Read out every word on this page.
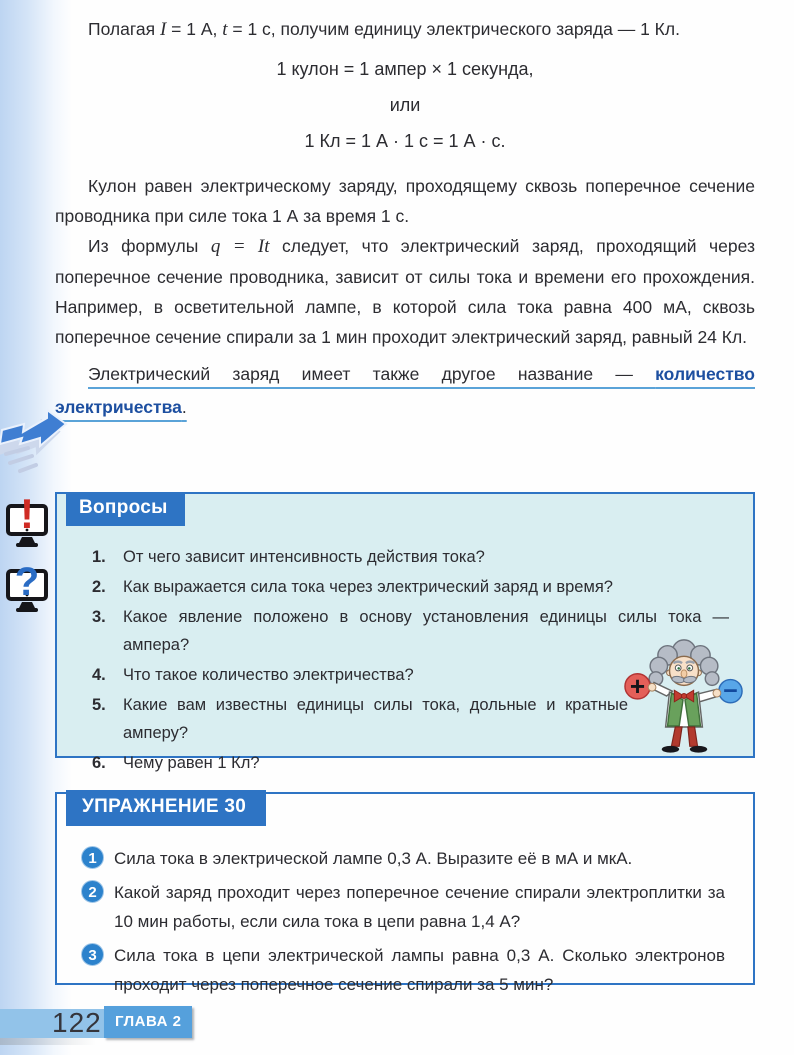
Полагая I = 1 А, t = 1 с, получим единицу электрического заряда — 1 Кл.

1 кулон = 1 ампер × 1 секунда,
или
1 Кл = 1 А · 1 с = 1 А · с.

Кулон равен электрическому заряду, проходящему сквозь поперечное сечение проводника при силе тока 1 А за время 1 с.

Из формулы q = It следует, что электрический заряд, проходящий через поперечное сечение проводника, зависит от силы тока и времени его прохождения. Например, в осветительной лампе, в которой сила тока равна 400 мА, сквозь поперечное сечение спирали за 1 мин проходит электрический заряд, равный 24 Кл.

Электрический заряд имеет также другое название — количество электричества.

!
?
Вопросы
1.	От чего зависит интенсивность действия тока?
2.	Как выражается сила тока через электрический заряд и время?
3.	Какое явление положено в основу установления единицы силы тока — ампера?
4.	Что такое количество электричества?
5.	Какие вам известны единицы силы тока, дольные и кратные амперу?
6.	Чему равен 1 Кл?
+	−
УПРАЖНЕНИЕ 30
1	Сила тока в электрической лампе 0,3 А. Выразите её в мА и мкА.
2	Какой заряд проходит через поперечное сечение спирали электроплитки за 10 мин работы, если сила тока в цепи равна 1,4 А?
3	Сила тока в цепи электрической лампы равна 0,3 А. Сколько электронов проходит через поперечное сечение спирали за 5 мин?
122 ГЛАВА 2
